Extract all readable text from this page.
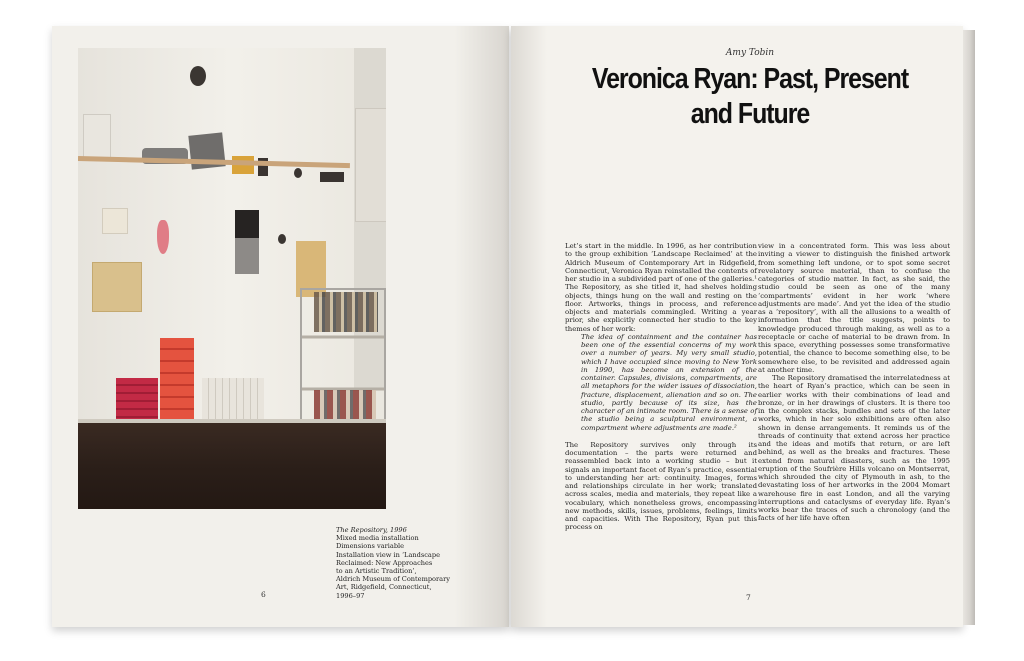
The Repository, 1996
Mixed media installation
Dimensions variable
Installation view in ‘Landscape
Reclaimed: New Approaches
to an Artistic Tradition’,
Aldrich Museum of Contemporary
Art, Ridgefield, Connecticut,
1996–97
6
Amy Tobin
Veronica Ryan: Past, Present
and Future

Let’s start in the middle. In 1996, as her contribution to the group exhibition ‘Landscape Reclaimed’ at the Aldrich Museum of Contemporary Art in Ridgefield, Connecticut, Veronica Ryan reinstalled the contents of her studio in a subdivided part of one of the galleries.¹ The Repository, as she titled it, had shelves holding objects, things hung on the wall and resting on the floor. Artworks, things in process, and reference objects and materials commingled. Writing a year prior, she explicitly connected her studio to the key themes of her work:

The idea of containment and the container has been one of the essential concerns of my work over a number of years. My very small studio, which I have occupied since moving to New York in 1990, has become an extension of the container. Capsules, divisions, compartments, are all metaphors for the wider issues of dissociation, fracture, displacement, alienation and so on. The studio, partly because of its size, has the character of an intimate room. There is a sense of the studio being a sculptural environment, a compartment where adjustments are made.²

The Repository survives only through its documentation – the parts were returned and reassembled back into a working studio – but it signals an important facet of Ryan’s practice, essential to understanding her art: continuity. Images, forms and relationships circulate in her work; translated across scales, media and materials, they repeat like a vocabulary, which nonetheless grows, encompassing new methods, skills, issues, problems, feelings, limits and capacities. With The Repository, Ryan put this process on

view in a concentrated form. This was less about inviting a viewer to distinguish the finished artwork from something left undone, or to spot some secret revelatory source material, than to confuse the categories of studio matter. In fact, as she said, the studio could be seen as one of the many ‘compartments’ evident in her work ‘where adjustments are made’. And yet the idea of the studio as a ‘repository’, with all the allusions to a wealth of information that the title suggests, points to knowledge produced through making, as well as to a receptacle or cache of material to be drawn from. In this space, everything possesses some transformative potential, the chance to become something else, to be somewhere else, to be revisited and addressed again at another time.

The Repository dramatised the interrelatedness at the heart of Ryan’s practice, which can be seen in earlier works with their combinations of lead and bronze, or in her drawings of clusters. It is there too in the complex stacks, bundles and sets of the later works, which in her solo exhibitions are often also shown in dense arrangements. It reminds us of the threads of continuity that extend across her practice and the ideas and motifs that return, or are left behind, as well as the breaks and fractures. These extend from natural disasters, such as the 1995 eruption of the Soufrière Hills volcano on Montserrat, which shrouded the city of Plymouth in ash, to the devastating loss of her artworks in the 2004 Momart warehouse fire in east London, and all the varying interruptions and cataclysms of everyday life. Ryan’s works bear the traces of such a chronology (and the facts of her life have often

7
